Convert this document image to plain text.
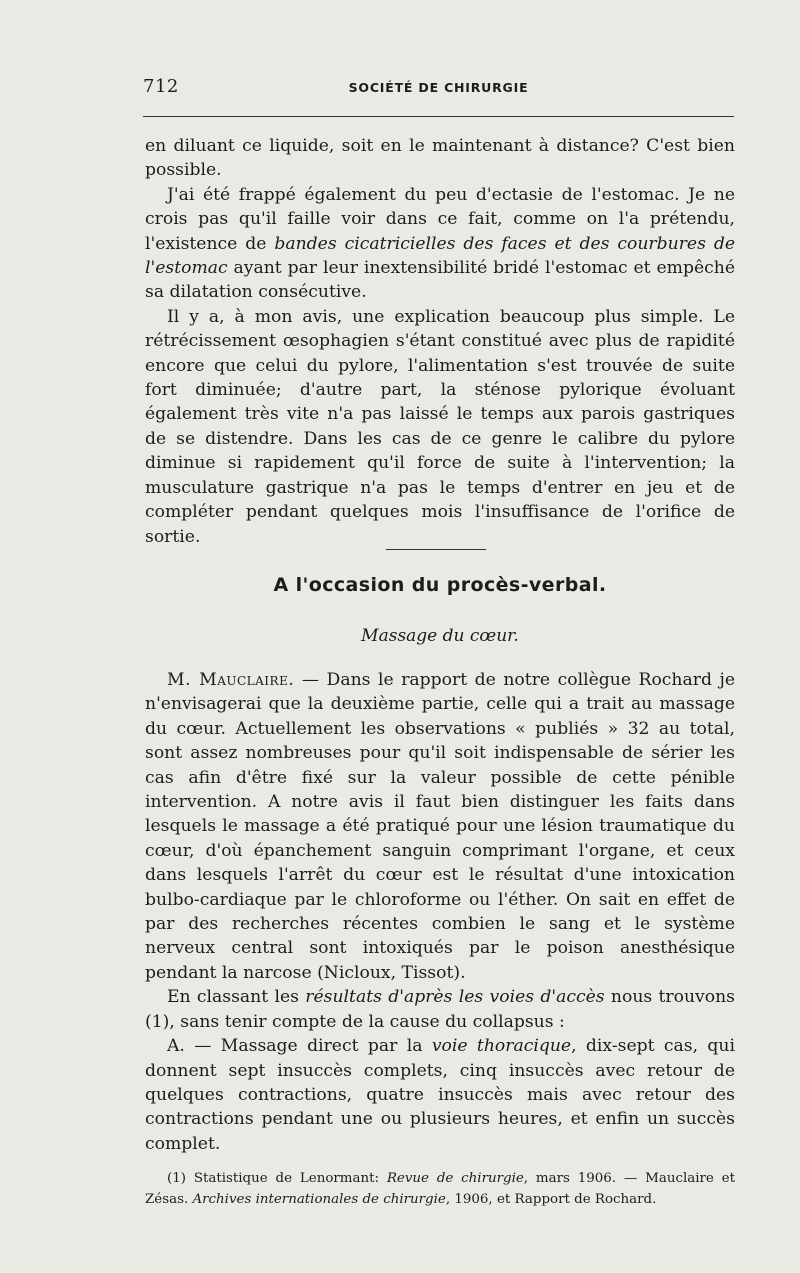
712	SOCIÉTÉ DE CHIRURGIE

en diluant ce liquide, soit en le maintenant à distance? C'est bien possible.

J'ai été frappé également du peu d'ectasie de l'estomac. Je ne crois pas qu'il faille voir dans ce fait, comme on l'a prétendu, l'existence de bandes cicatricielles des faces et des courbures de l'estomac ayant par leur inextensibilité bridé l'estomac et empêché sa dilatation consécutive.

Il y a, à mon avis, une explication beaucoup plus simple. Le rétrécissement œsophagien s'étant constitué avec plus de rapidité encore que celui du pylore, l'alimentation s'est trouvée de suite fort diminuée; d'autre part, la sténose pylorique évoluant également très vite n'a pas laissé le temps aux parois gastriques de se distendre. Dans les cas de ce genre le calibre du pylore diminue si rapidement qu'il force de suite à l'intervention; la musculature gastrique n'a pas le temps d'entrer en jeu et de compléter pendant quelques mois l'insuffisance de l'orifice de sortie.

A l'occasion du procès-verbal.
Massage du cœur.

M. Mauclaire. — Dans le rapport de notre collègue Rochard je n'envisagerai que la deuxième partie, celle qui a trait au massage du cœur. Actuellement les observations « publiés » 32 au total, sont assez nombreuses pour qu'il soit indispensable de sérier les cas afin d'être fixé sur la valeur possible de cette pénible intervention. A notre avis il faut bien distinguer les faits dans lesquels le massage a été pratiqué pour une lésion traumatique du cœur, d'où épanchement sanguin comprimant l'organe, et ceux dans lesquels l'arrêt du cœur est le résultat d'une intoxication bulbo-cardiaque par le chloroforme ou l'éther. On sait en effet de par des recherches récentes combien le sang et le système nerveux central sont intoxiqués par le poison anesthésique pendant la narcose (Nicloux, Tissot).

En classant les résultats d'après les voies d'accès nous trouvons (1), sans tenir compte de la cause du collapsus :

A. — Massage direct par la voie thoracique, dix-sept cas, qui donnent sept insuccès complets, cinq insuccès avec retour de quelques contractions, quatre insuccès mais avec retour des contractions pendant une ou plusieurs heures, et enfin un succès complet.

(1) Statistique de Lenormant: Revue de chirurgie, mars 1906. — Mauclaire et Zésas. Archives internationales de chirurgie, 1906, et Rapport de Rochard.
